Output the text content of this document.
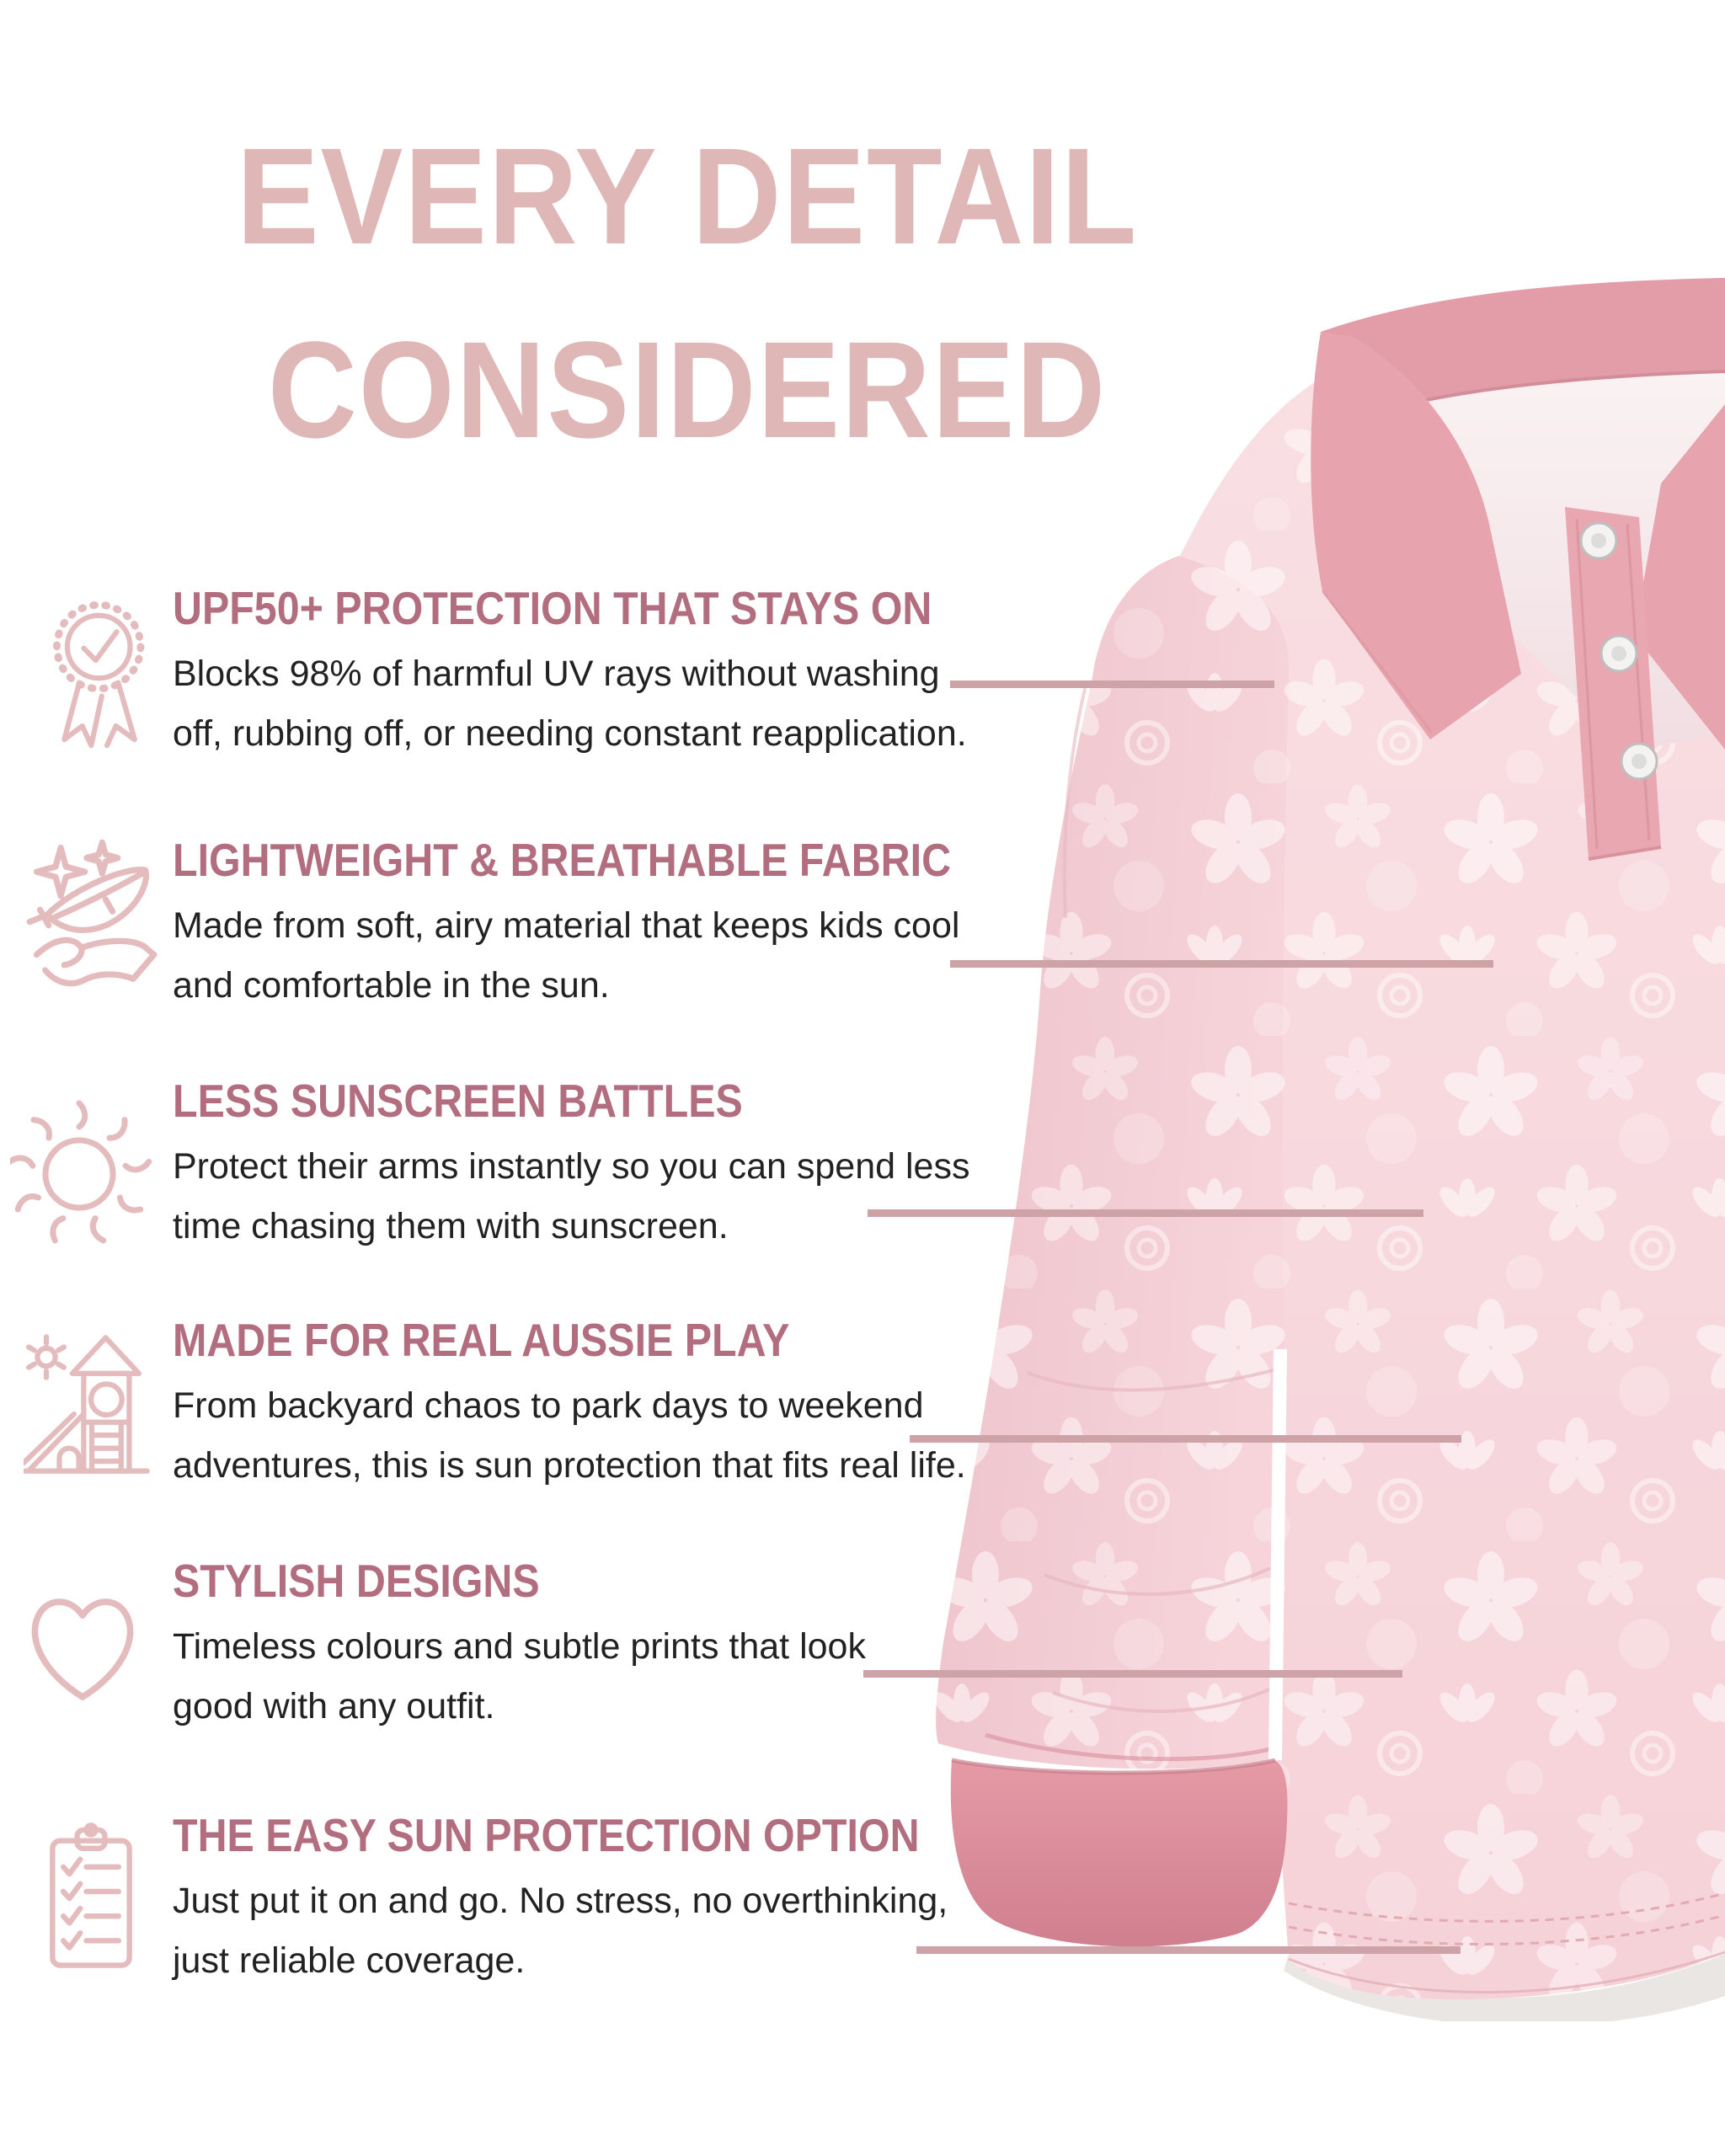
EVERY DETAIL
CONSIDERED
UPF50+ PROTECTION THAT STAYS ON
Blocks 98% of harmful UV rays without washing
off, rubbing off, or needing constant reapplication.
LIGHTWEIGHT & BREATHABLE FABRIC
Made from soft, airy material that keeps kids cool
and comfortable in the sun.
LESS SUNSCREEN BATTLES
Protect their arms instantly so you can spend less
time chasing them with sunscreen.
MADE FOR REAL AUSSIE PLAY
From backyard chaos to park days to weekend
adventures, this is sun protection that fits real life.
STYLISH DESIGNS
Timeless colours and subtle prints that look
good with any outfit.
THE EASY SUN PROTECTION OPTION
Just put it on and go. No stress, no overthinking,
just reliable coverage.
